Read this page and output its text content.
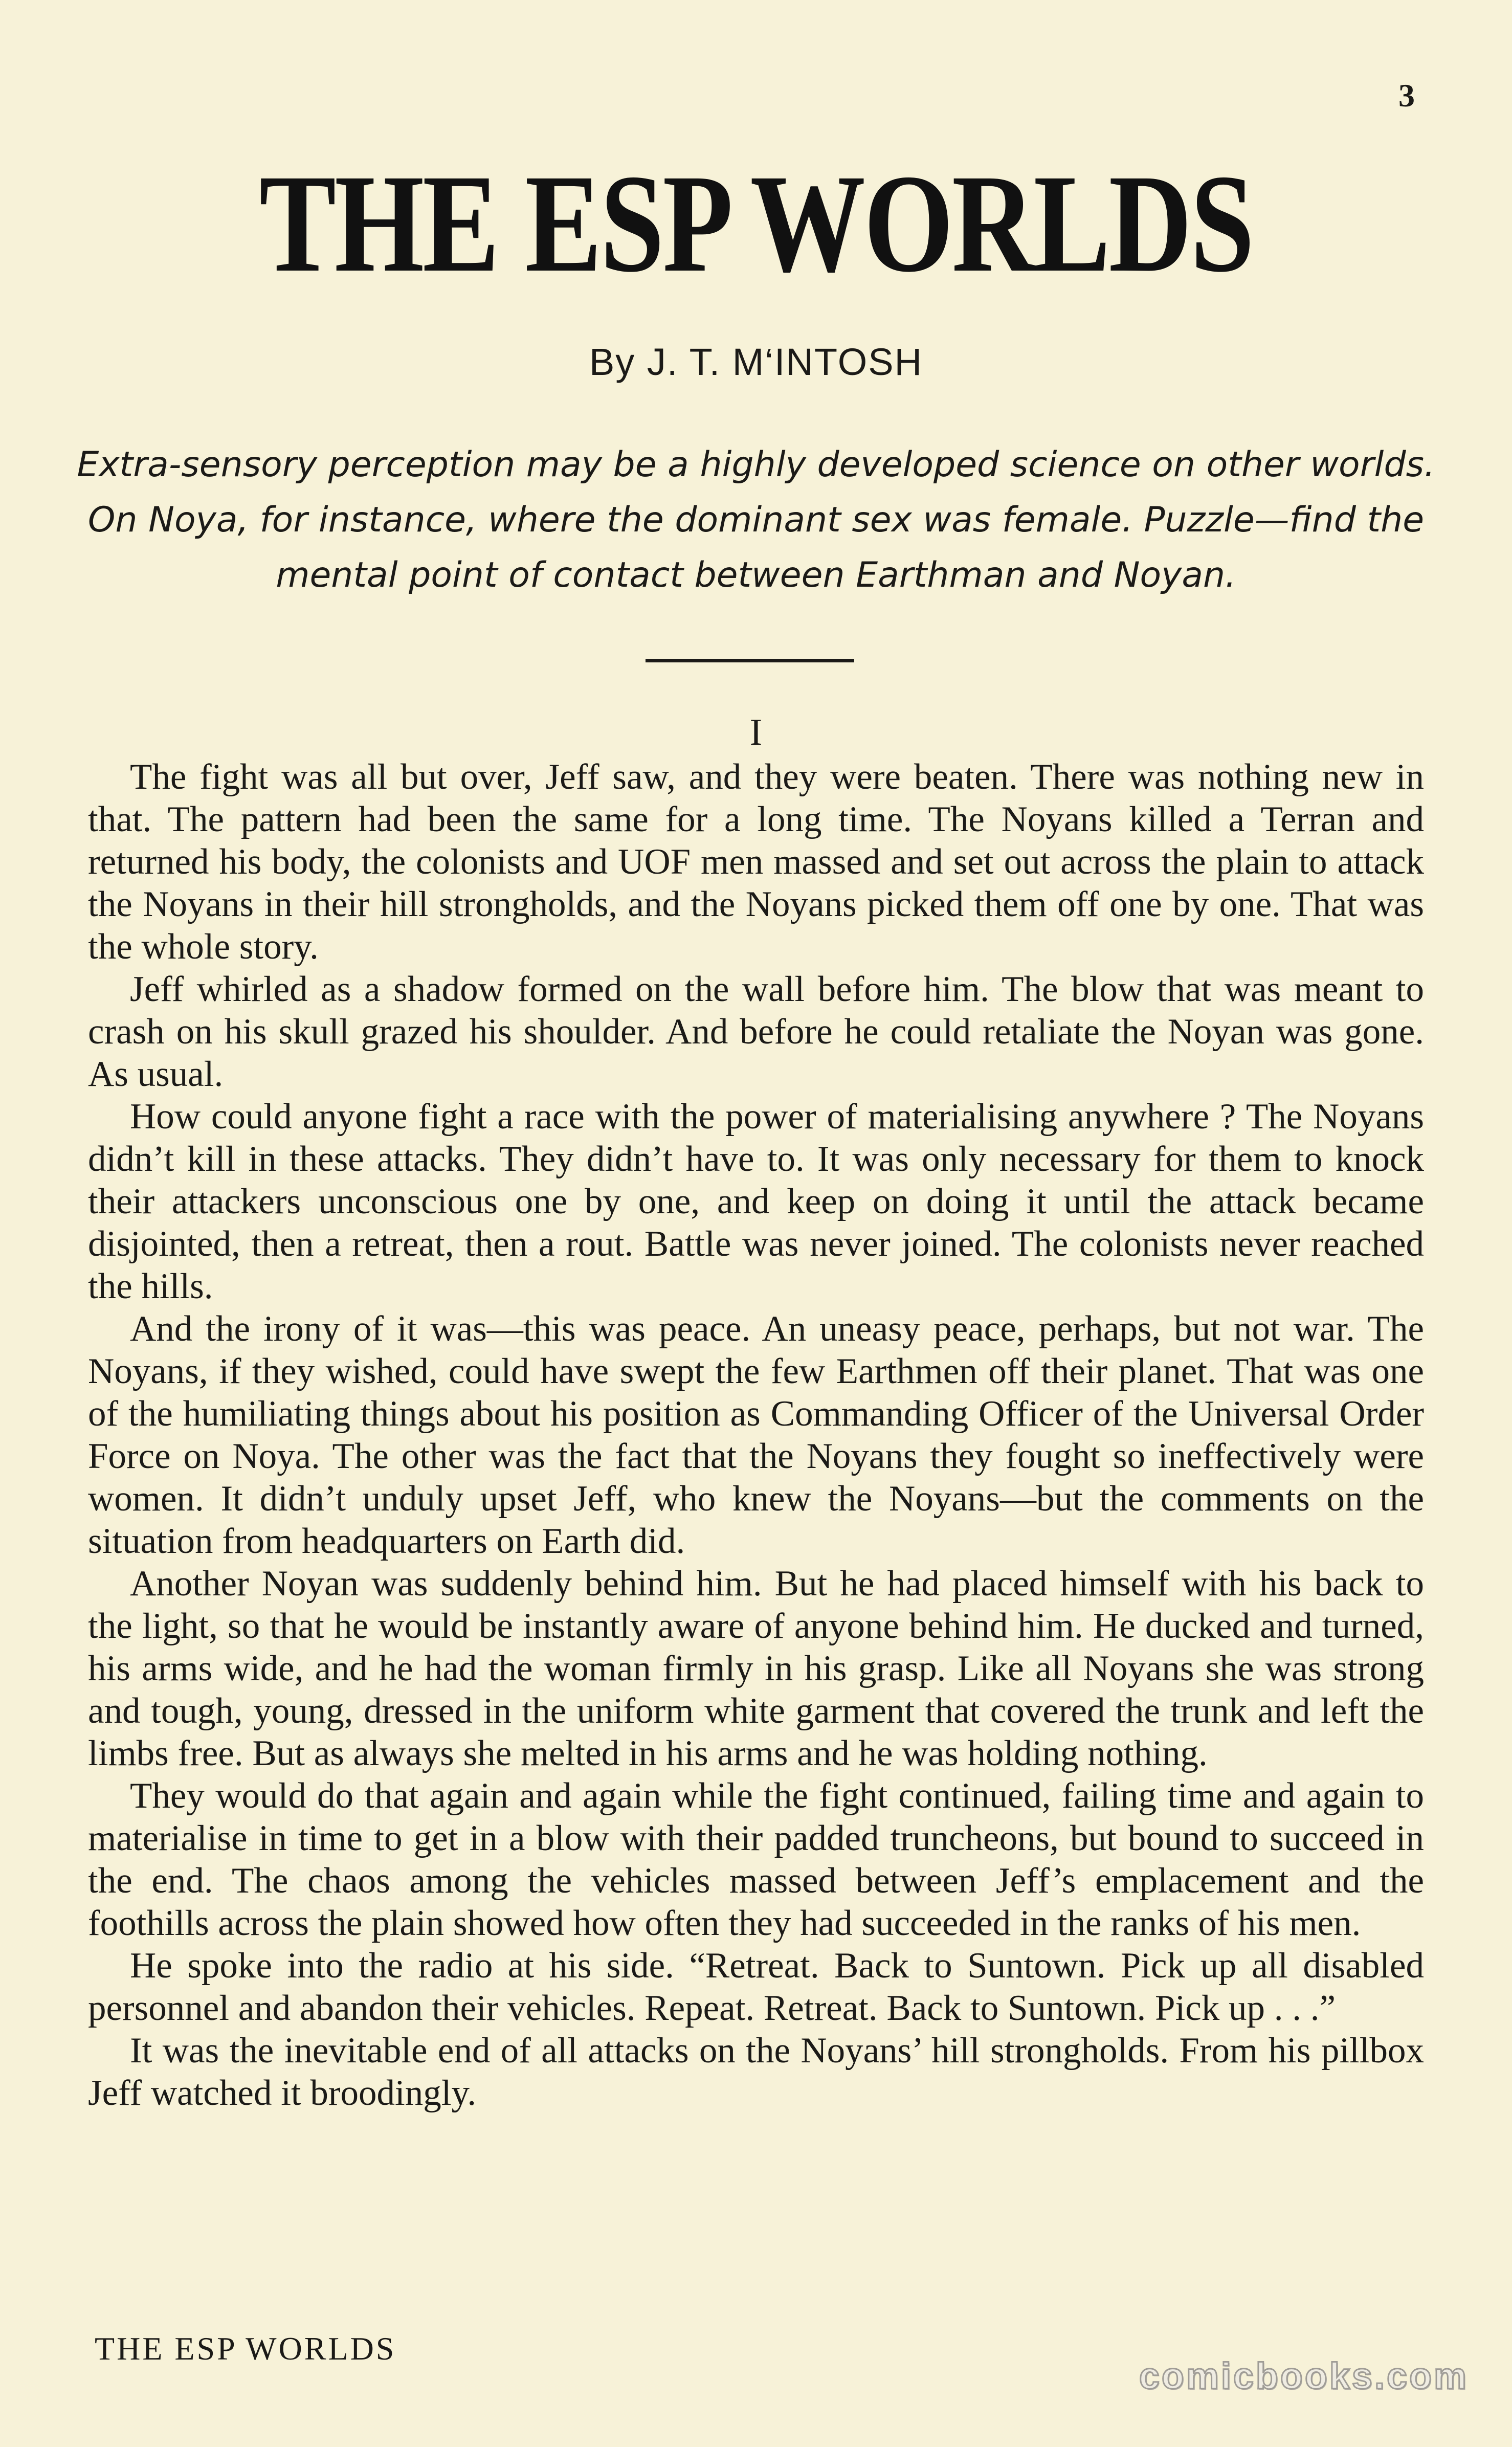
3
THE ESP WORLDS
By J. T. M‘INTOSH
Extra-sensory perception may be a highly developed science on other worlds. On Noya, for instance, where the dominant sex was female. Puzzle—find the mental point of contact between Earthman and Noyan.
I

The fight was all but over, Jeff saw, and they were beaten. There was nothing new in that. The pattern had been the same for a long time. The Noyans killed a Terran and returned his body, the colonists and UOF men massed and set out across the plain to attack the Noyans in their hill strongholds, and the Noyans picked them off one by one. That was the whole story.

Jeff whirled as a shadow formed on the wall before him. The blow that was meant to crash on his skull grazed his shoulder. And before he could retaliate the Noyan was gone. As usual.

How could anyone fight a race with the power of materialising anywhere ? The Noyans didn’t kill in these attacks. They didn’t have to. It was only necessary for them to knock their attackers unconscious one by one, and keep on doing it until the attack became disjointed, then a retreat, then a rout. Battle was never joined. The colonists never reached the hills.

And the irony of it was—this was peace. An uneasy peace, perhaps, but not war. The Noyans, if they wished, could have swept the few Earthmen off their planet. That was one of the humiliating things about his position as Commanding Officer of the Universal Order Force on Noya. The other was the fact that the Noyans they fought so ineffectively were women. It didn’t unduly upset Jeff, who knew the Noyans—but the comments on the situation from headquarters on Earth did.

Another Noyan was suddenly behind him. But he had placed himself with his back to the light, so that he would be instantly aware of anyone behind him. He ducked and turned, his arms wide, and he had the woman firmly in his grasp. Like all Noyans she was strong and tough, young, dressed in the uniform white garment that covered the trunk and left the limbs free. But as always she melted in his arms and he was holding nothing.

They would do that again and again while the fight continued, failing time and again to materialise in time to get in a blow with their padded truncheons, but bound to succeed in the end. The chaos among the vehicles massed between Jeff’s emplacement and the foothills across the plain showed how often they had succeeded in the ranks of his men.

He spoke into the radio at his side. “Retreat. Back to Suntown. Pick up all disabled personnel and abandon their vehicles. Repeat. Retreat. Back to Suntown. Pick up . . .”

It was the inevitable end of all attacks on the Noyans’ hill strongholds. From his pillbox Jeff watched it broodingly.

THE ESP WORLDS
comicbooks.com
